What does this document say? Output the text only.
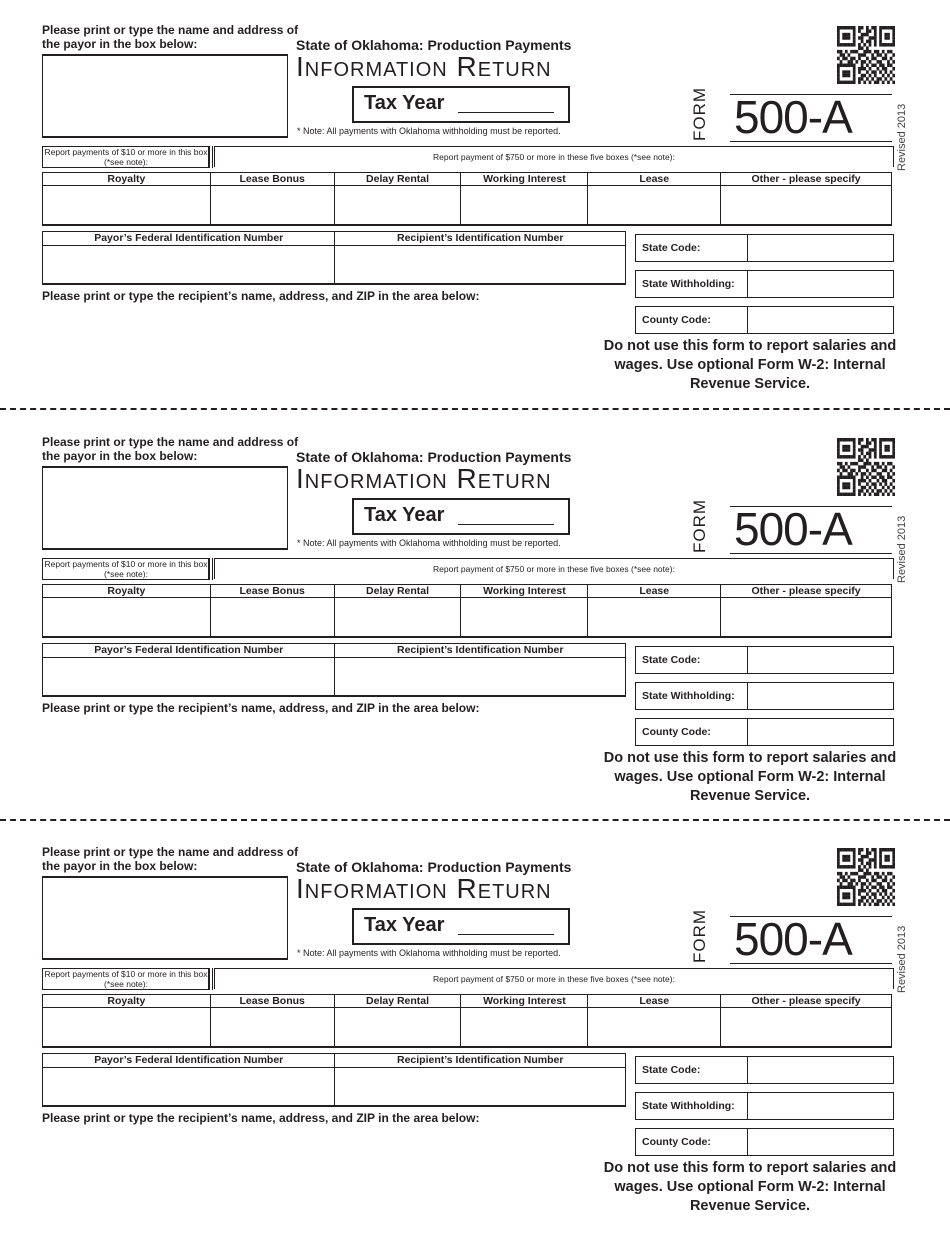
Please print or type the name and address of the payor in the box below:	State of Oklahoma: Production Payments
Information Return
Tax Year
* Note: All payments with Oklahoma withholding must be reported.	FORM 500-A	Revised 2013
Report payments of $10 or more in this box (*see note):	Report payment of $750 or more in these five boxes (*see note):
Royalty	Lease Bonus	Delay Rental	Working Interest	Lease	Other - please specify

Payor’s Federal Identification Number	Recipient’s Identification Number

Please print or type the recipient’s name, address, and ZIP in the area below:
State Code:
State Withholding:
County Code:
Do not use this form to report salaries and wages. Use optional Form W-2: Internal Revenue Service.
Please print or type the name and address of the payor in the box below:	State of Oklahoma: Production Payments
Information Return
Tax Year
* Note: All payments with Oklahoma withholding must be reported.	FORM 500-A	Revised 2013
Report payments of $10 or more in this box (*see note):	Report payment of $750 or more in these five boxes (*see note):
Royalty	Lease Bonus	Delay Rental	Working Interest	Lease	Other - please specify

Payor’s Federal Identification Number	Recipient’s Identification Number

Please print or type the recipient’s name, address, and ZIP in the area below:
State Code:
State Withholding:
County Code:
Do not use this form to report salaries and wages. Use optional Form W-2: Internal Revenue Service.
Please print or type the name and address of the payor in the box below:	State of Oklahoma: Production Payments
Information Return
Tax Year
* Note: All payments with Oklahoma withholding must be reported.	FORM 500-A	Revised 2013
Report payments of $10 or more in this box (*see note):	Report payment of $750 or more in these five boxes (*see note):
Royalty	Lease Bonus	Delay Rental	Working Interest	Lease	Other - please specify

Payor’s Federal Identification Number	Recipient’s Identification Number

Please print or type the recipient’s name, address, and ZIP in the area below:
State Code:
State Withholding:
County Code:
Do not use this form to report salaries and wages. Use optional Form W-2: Internal Revenue Service.
